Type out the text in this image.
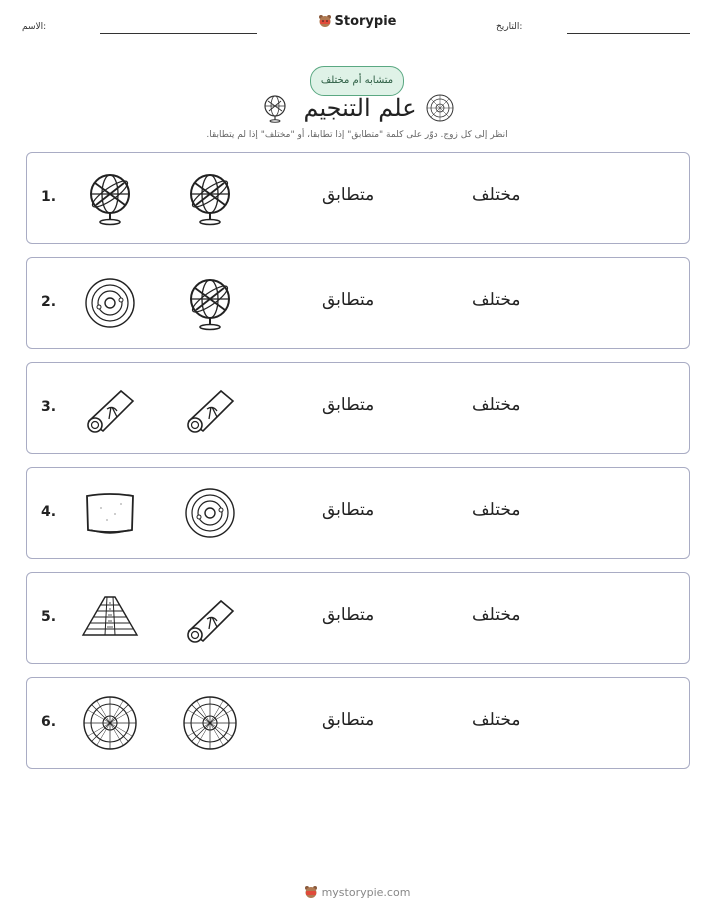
الاسم:	Storypie	التاريخ:
متشابه أم مختلف
علم التنجيم
انظر إلى كل زوج. دوّر على كلمة "متطابق" إذا تطابقا، أو "مختلف" إذا لم يتطابقا.
1.	متطابق	مختلف
2.	متطابق	مختلف
3.	متطابق	مختلف
4.	متطابق	مختلف
5.	متطابق	مختلف
6.	متطابق	مختلف
mystorypie.com
